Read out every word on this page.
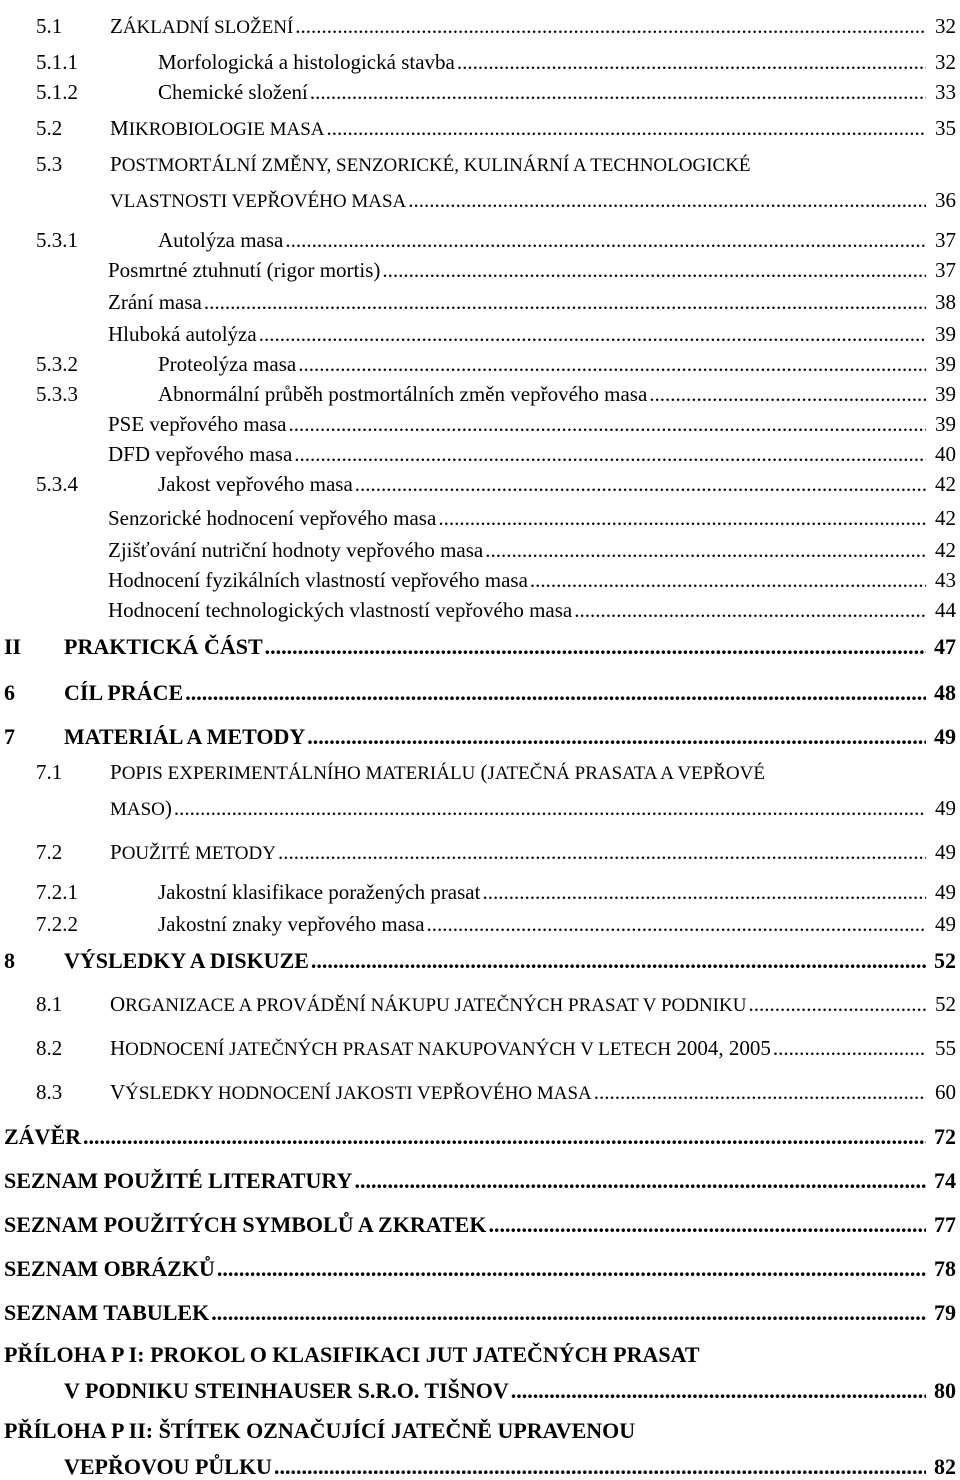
5.1 ZÁKLADNÍ SLOŽENÍ .....	32
5.1.1	Morfologická a histologická stavba .....	32
5.1.2	Chemické složení .....	33
5.2 MIKROBIOLOGIE MASA .....	35
5.3 POSTMORTÁLNÍ ZMĚNY, SENZORICKÉ, KULINÁRNÍ A TECHNOLOGICKÉ
VLASTNOSTI VEPŘOVÉHO MASA .....	36
5.3.1	Autolýza masa .....	37
Posmrtné ztuhnutí (rigor mortis) .....	37
Zrání masa .....	38
Hluboká autolýza .....	39
5.3.2	Proteolýza masa .....	39
5.3.3	Abnormální průběh postmortálních změn vepřového masa .....	39
PSE vepřového masa .....	39
DFD vepřového masa .....	40
5.3.4	Jakost vepřového masa .....	42
Senzorické hodnocení vepřového masa .....	42
Zjišťování nutriční hodnoty vepřového masa .....	42
Hodnocení fyzikálních vlastností vepřového masa .....	43
Hodnocení technologických vlastností vepřového masa .....	44
II PRAKTICKÁ ČÁST .....	47
6 CÍL PRÁCE .....	48
7 MATERIÁL A METODY .....	49
7.1 POPIS EXPERIMENTÁLNÍHO MATERIÁLU (JATEČNÁ PRASATA A VEPŘOVÉ
MASO) .....	49
7.2 POUŽITÉ METODY .....	49
7.2.1	Jakostní klasifikace poražených prasat .....	49
7.2.2	Jakostní znaky vepřového masa .....	49
8 VÝSLEDKY A DISKUZE .....	52
8.1 ORGANIZACE A PROVÁDĚNÍ NÁKUPU JATEČNÝCH PRASAT V PODNIKU .....	52
8.2 HODNOCENÍ JATEČNÝCH PRASAT NAKUPOVANÝCH V LETECH 2004, 2005 .....	55
8.3 VÝSLEDKY HODNOCENÍ JAKOSTI VEPŘOVÉHO MASA .....	60
ZÁVĚR .....	72
SEZNAM POUŽITÉ LITERATURY .....	74
SEZNAM POUŽITÝCH SYMBOLŮ A ZKRATEK .....	77
SEZNAM OBRÁZKŮ .....	78
SEZNAM TABULEK .....	79
PŘÍLOHA P I: PROKOL O KLASIFIKACI JUT JATEČNÝCH PRASAT
V PODNIKU STEINHAUSER S.R.O. TIŠNOV .....	80
PŘÍLOHA P II: ŠTÍTEK OZNAČUJÍCÍ JATEČNĚ UPRAVENOU
VEPŘOVOU PŮLKU .....	82
